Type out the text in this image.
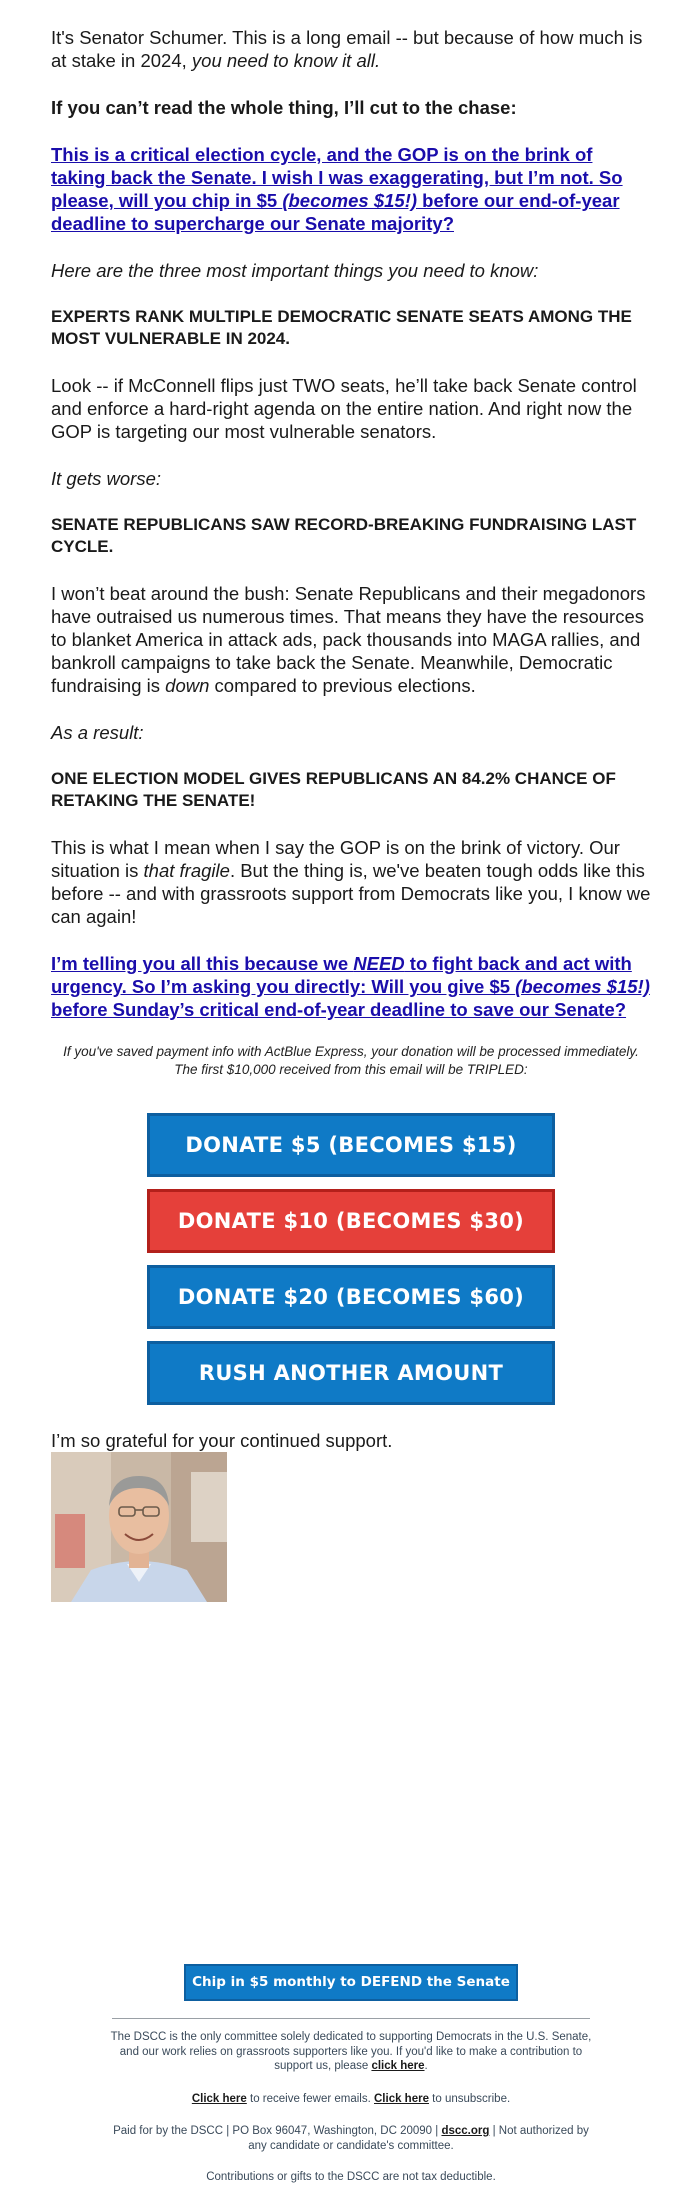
It's Senator Schumer. This is a long email -- but because of how much is at stake in 2024, you need to know it all.

If you can’t read the whole thing, I’ll cut to the chase:

This is a critical election cycle, and the GOP is on the brink of taking back the Senate. I wish I was exaggerating, but I’m not. So please, will you chip in $5 (becomes $15!) before our end-of-year deadline to supercharge our Senate majority?

Here are the three most important things you need to know:

EXPERTS RANK MULTIPLE DEMOCRATIC SENATE SEATS AMONG THE MOST VULNERABLE IN 2024.

Look -- if McConnell flips just TWO seats, he’ll take back Senate control and enforce a hard-right agenda on the entire nation. And right now the GOP is targeting our most vulnerable senators.

It gets worse:

SENATE REPUBLICANS SAW RECORD-BREAKING FUNDRAISING LAST CYCLE.

I won’t beat around the bush: Senate Republicans and their megadonors have outraised us numerous times. That means they have the resources to blanket America in attack ads, pack thousands into MAGA rallies, and bankroll campaigns to take back the Senate. Meanwhile, Democratic fundraising is down compared to previous elections.

As a result:

ONE ELECTION MODEL GIVES REPUBLICANS AN 84.2% CHANCE OF RETAKING THE SENATE!

This is what I mean when I say the GOP is on the brink of victory. Our situation is that fragile. But the thing is, we've beaten tough odds like this before -- and with grassroots support from Democrats like you, I know we can again!

I’m telling you all this because we NEED to fight back and act with urgency. So I’m asking you directly: Will you give $5 (becomes $15!) before Sunday’s critical end-of-year deadline to save our Senate?

If you've saved payment info with ActBlue Express, your donation will be processed immediately.
The first $10,000 received from this email will be TRIPLED:
DONATE $5 (BECOMES $15)
DONATE $10 (BECOMES $30)
DONATE $20 (BECOMES $60)
RUSH ANOTHER AMOUNT

I’m so grateful for your continued support.

Chip in $5 monthly to DEFEND the Senate >>
The DSCC is the only committee solely dedicated to supporting Democrats in the U.S. Senate, and our work relies on grassroots supporters like you. If you'd like to make a contribution to support us, please click here.
Click here to receive fewer emails. Click here to unsubscribe.
Paid for by the DSCC | PO Box 96047, Washington, DC 20090 | dscc.org | Not authorized by any candidate or candidate's committee.
Contributions or gifts to the DSCC are not tax deductible.
